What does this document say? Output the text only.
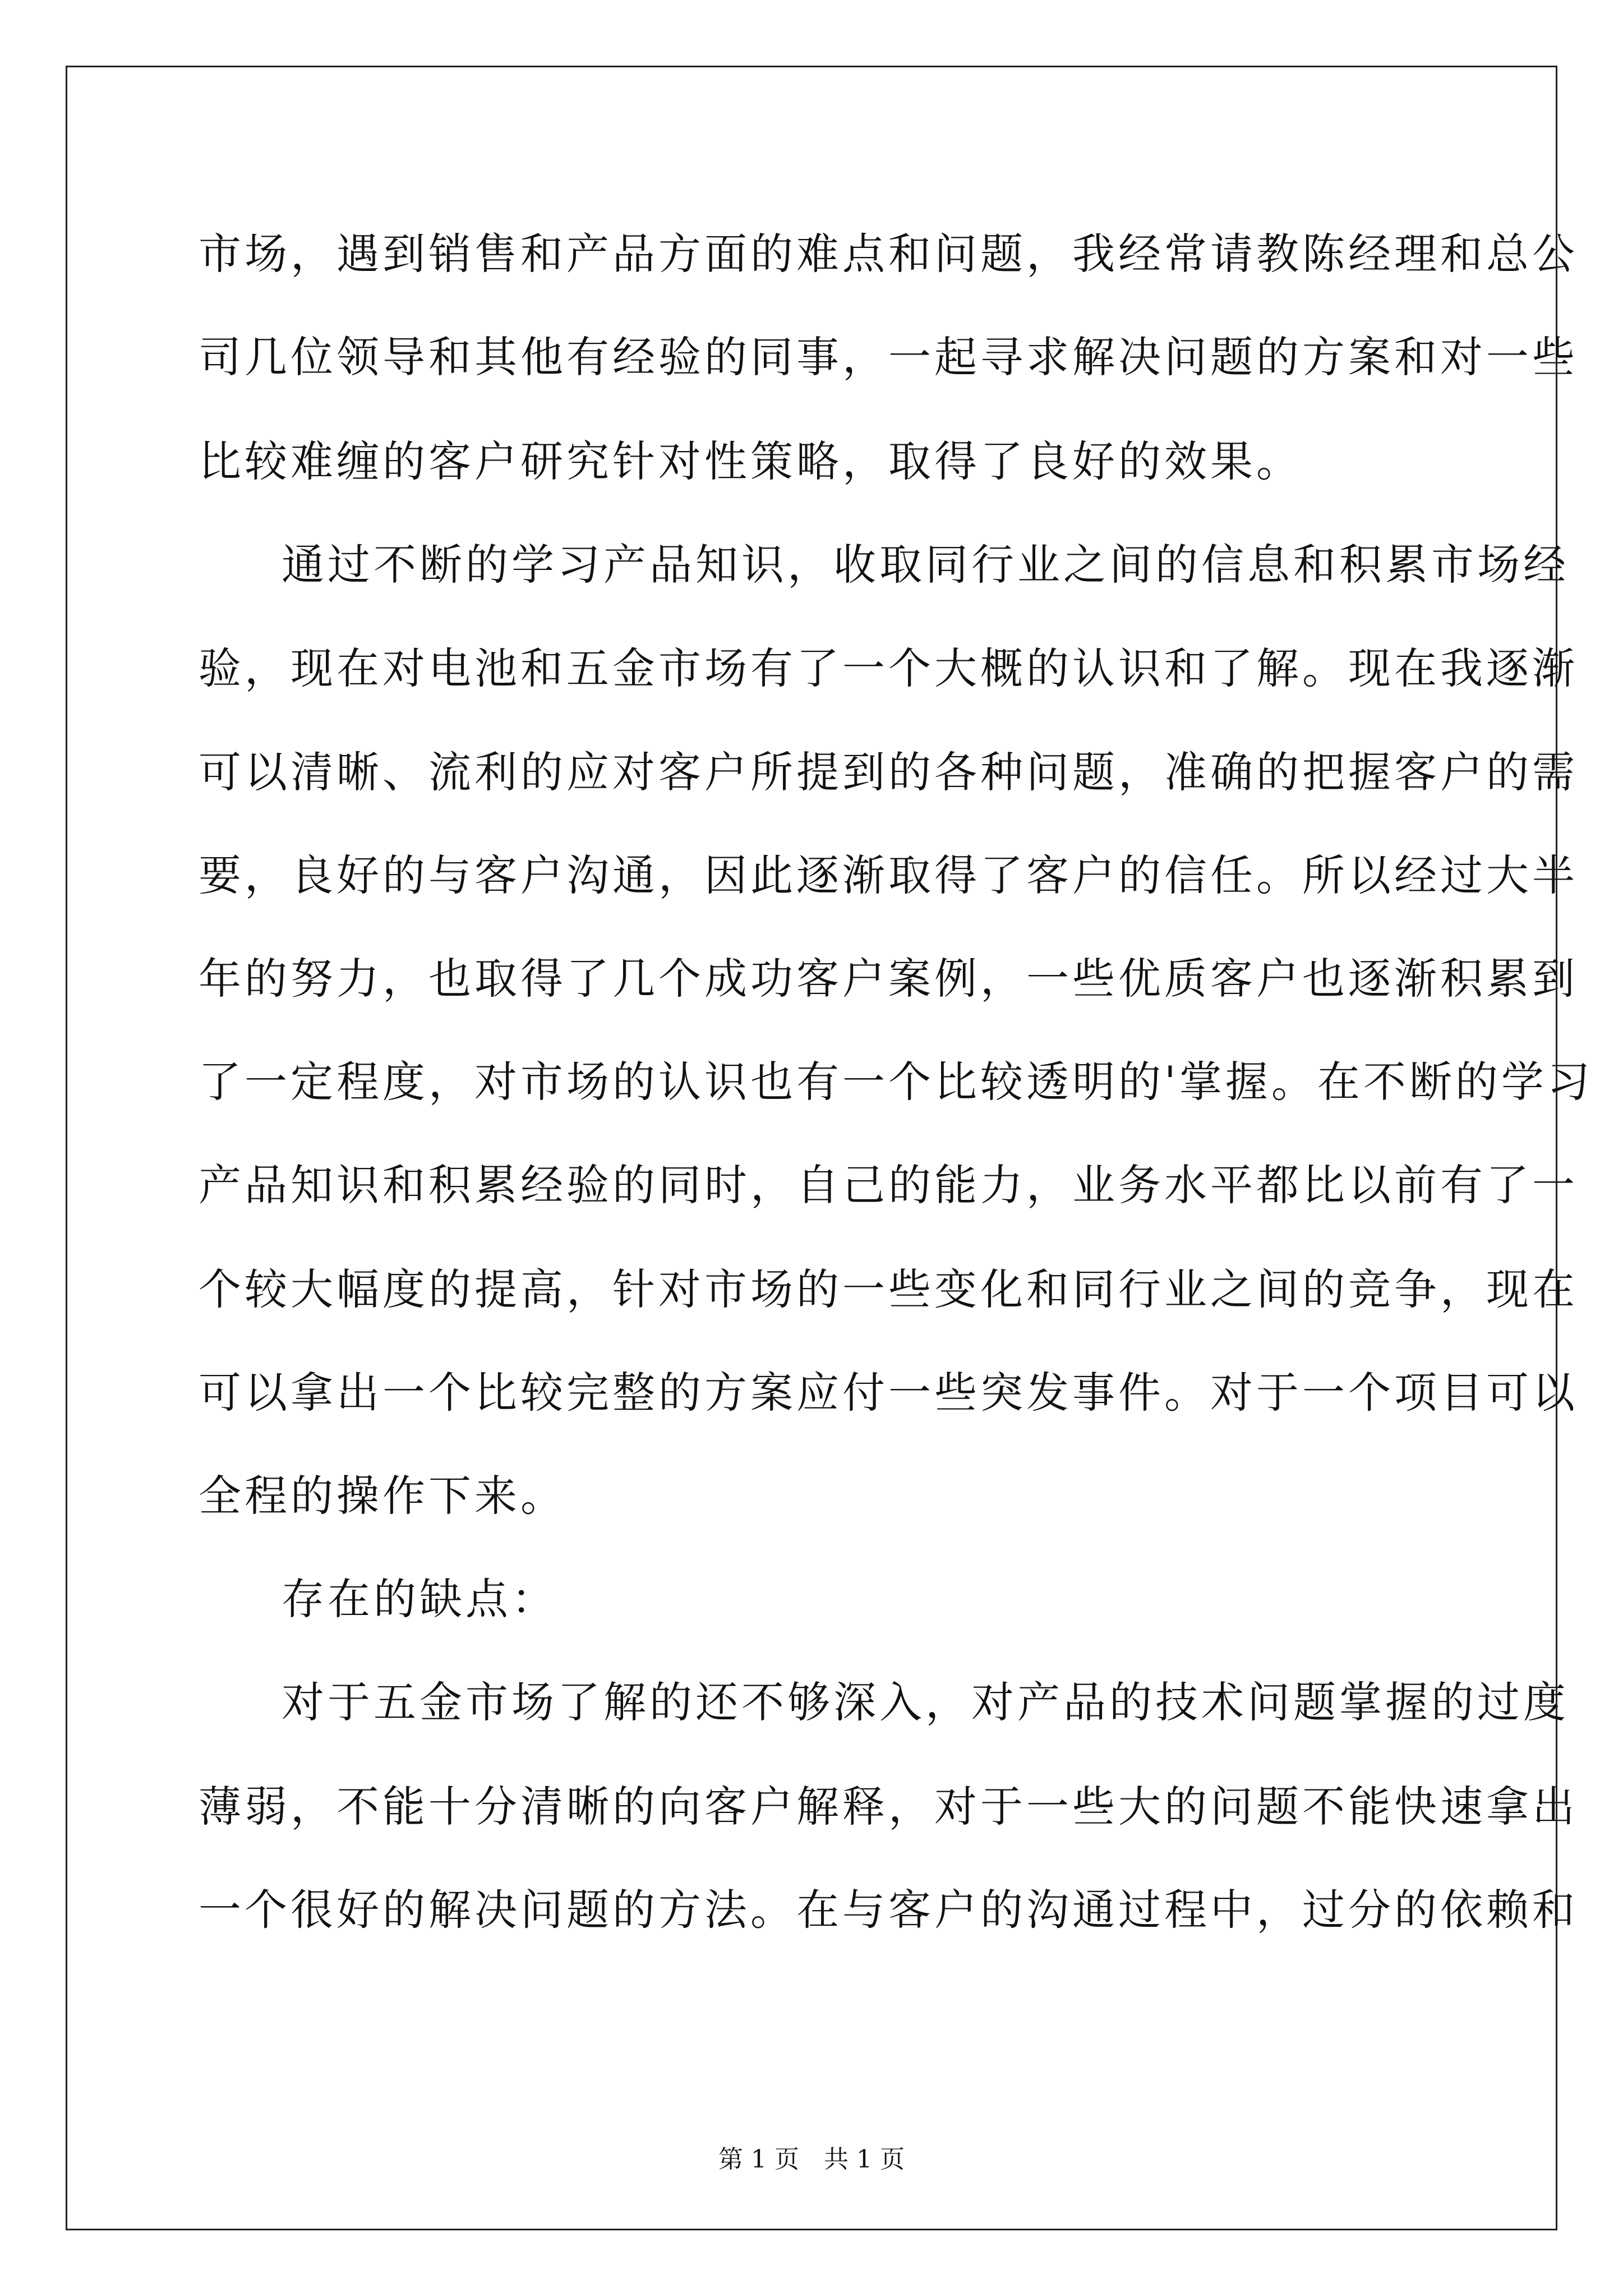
市场，遇到销售和产品方面的难点和问题，我经常请教陈经理和总公
司几位领导和其他有经验的同事，一起寻求解决问题的方案和对一些
比较难缠的客户研究针对性策略，取得了良好的效果。
通过不断的学习产品知识，收取同行业之间的信息和积累市场经
验，现在对电池和五金市场有了一个大概的认识和了解。现在我逐渐
可以清晰、流利的应对客户所提到的各种问题，准确的把握客户的需
要，良好的与客户沟通，因此逐渐取得了客户的信任。所以经过大半
年的努力，也取得了几个成功客户案例，一些优质客户也逐渐积累到
了一定程度，对市场的认识也有一个比较透明的'掌握。在不断的学习
产品知识和积累经验的同时，自己的能力，业务水平都比以前有了一
个较大幅度的提高，针对市场的一些变化和同行业之间的竞争，现在
可以拿出一个比较完整的方案应付一些突发事件。对于一个项目可以
全程的操作下来。
存在的缺点：
对于五金市场了解的还不够深入，对产品的技术问题掌握的过度
薄弱，不能十分清晰的向客户解释，对于一些大的问题不能快速拿出
一个很好的解决问题的方法。在与客户的沟通过程中，过分的依赖和
第 1 页　共 1 页
